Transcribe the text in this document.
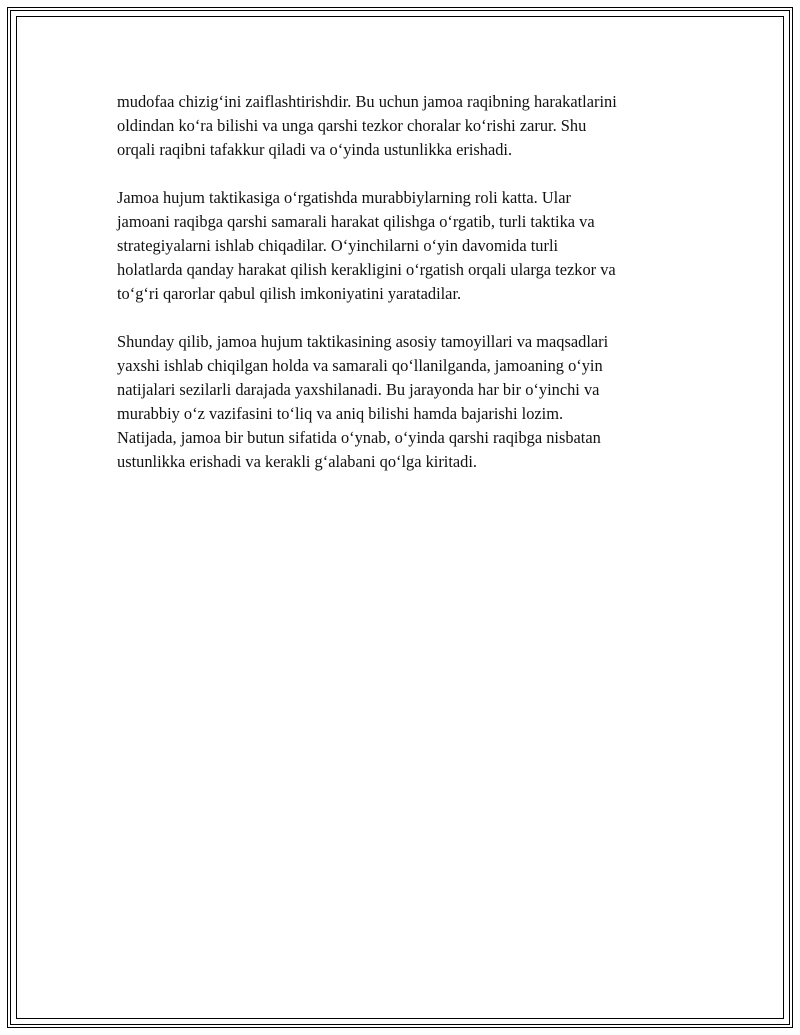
mudofaa chizig‘ini zaiflashtirishdir. Bu uchun jamoa raqibning harakatlarini
oldindan ko‘ra bilishi va unga qarshi tezkor choralar ko‘rishi zarur. Shu
orqali raqibni tafakkur qiladi va o‘yinda ustunlikka erishadi.

Jamoa hujum taktikasiga o‘rgatishda murabbiylarning roli katta. Ular
jamoani raqibga qarshi samarali harakat qilishga o‘rgatib, turli taktika va
strategiyalarni ishlab chiqadilar. O‘yinchilarni o‘yin davomida turli
holatlarda qanday harakat qilish kerakligini o‘rgatish orqali ularga tezkor va
to‘g‘ri qarorlar qabul qilish imkoniyatini yaratadilar.

Shunday qilib, jamoa hujum taktikasining asosiy tamoyillari va maqsadlari
yaxshi ishlab chiqilgan holda va samarali qo‘llanilganda, jamoaning o‘yin
natijalari sezilarli darajada yaxshilanadi. Bu jarayonda har bir o‘yinchi va
murabbiy o‘z vazifasini to‘liq va aniq bilishi hamda bajarishi lozim.
Natijada, jamoa bir butun sifatida o‘ynab, o‘yinda qarshi raqibga nisbatan
ustunlikka erishadi va kerakli g‘alabani qo‘lga kiritadi.
